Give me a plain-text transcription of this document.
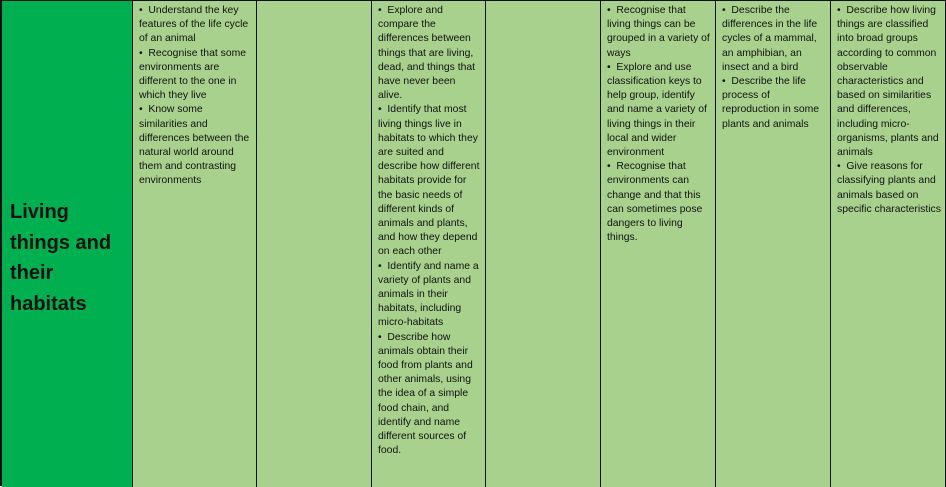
Living things and their habitats
•  Understand the key features of the life cycle of an animal
•  Recognise that some environments are different to the one in which they live
•  Know some similarities and differences between the natural world around them and contrasting environments
•  Explore and compare the differences between things that are living, dead, and things that have never been alive.
•  Identify that most living things live in habitats to which they are suited and describe how different habitats provide for the basic needs of different kinds of animals and plants, and how they depend on each other
•  Identify and name a variety of plants and animals in their habitats, including micro-habitats
•  Describe how animals obtain their food from plants and other animals, using the idea of a simple food chain, and identify and name different sources of food.
•  Recognise that living things can be grouped in a variety of ways
•  Explore and use classification keys to help group, identify and name a variety of living things in their local and wider environment
•  Recognise that environments can change and that this can sometimes pose dangers to living things.
•  Describe the differences in the life cycles of a mammal, an amphibian, an insect and a bird
•  Describe the life process of reproduction in some plants and animals
•  Describe how living things are classified into broad groups according to common observable characteristics and based on similarities and differences, including micro-organisms, plants and animals
•  Give reasons for classifying plants and animals based on specific characteristics
